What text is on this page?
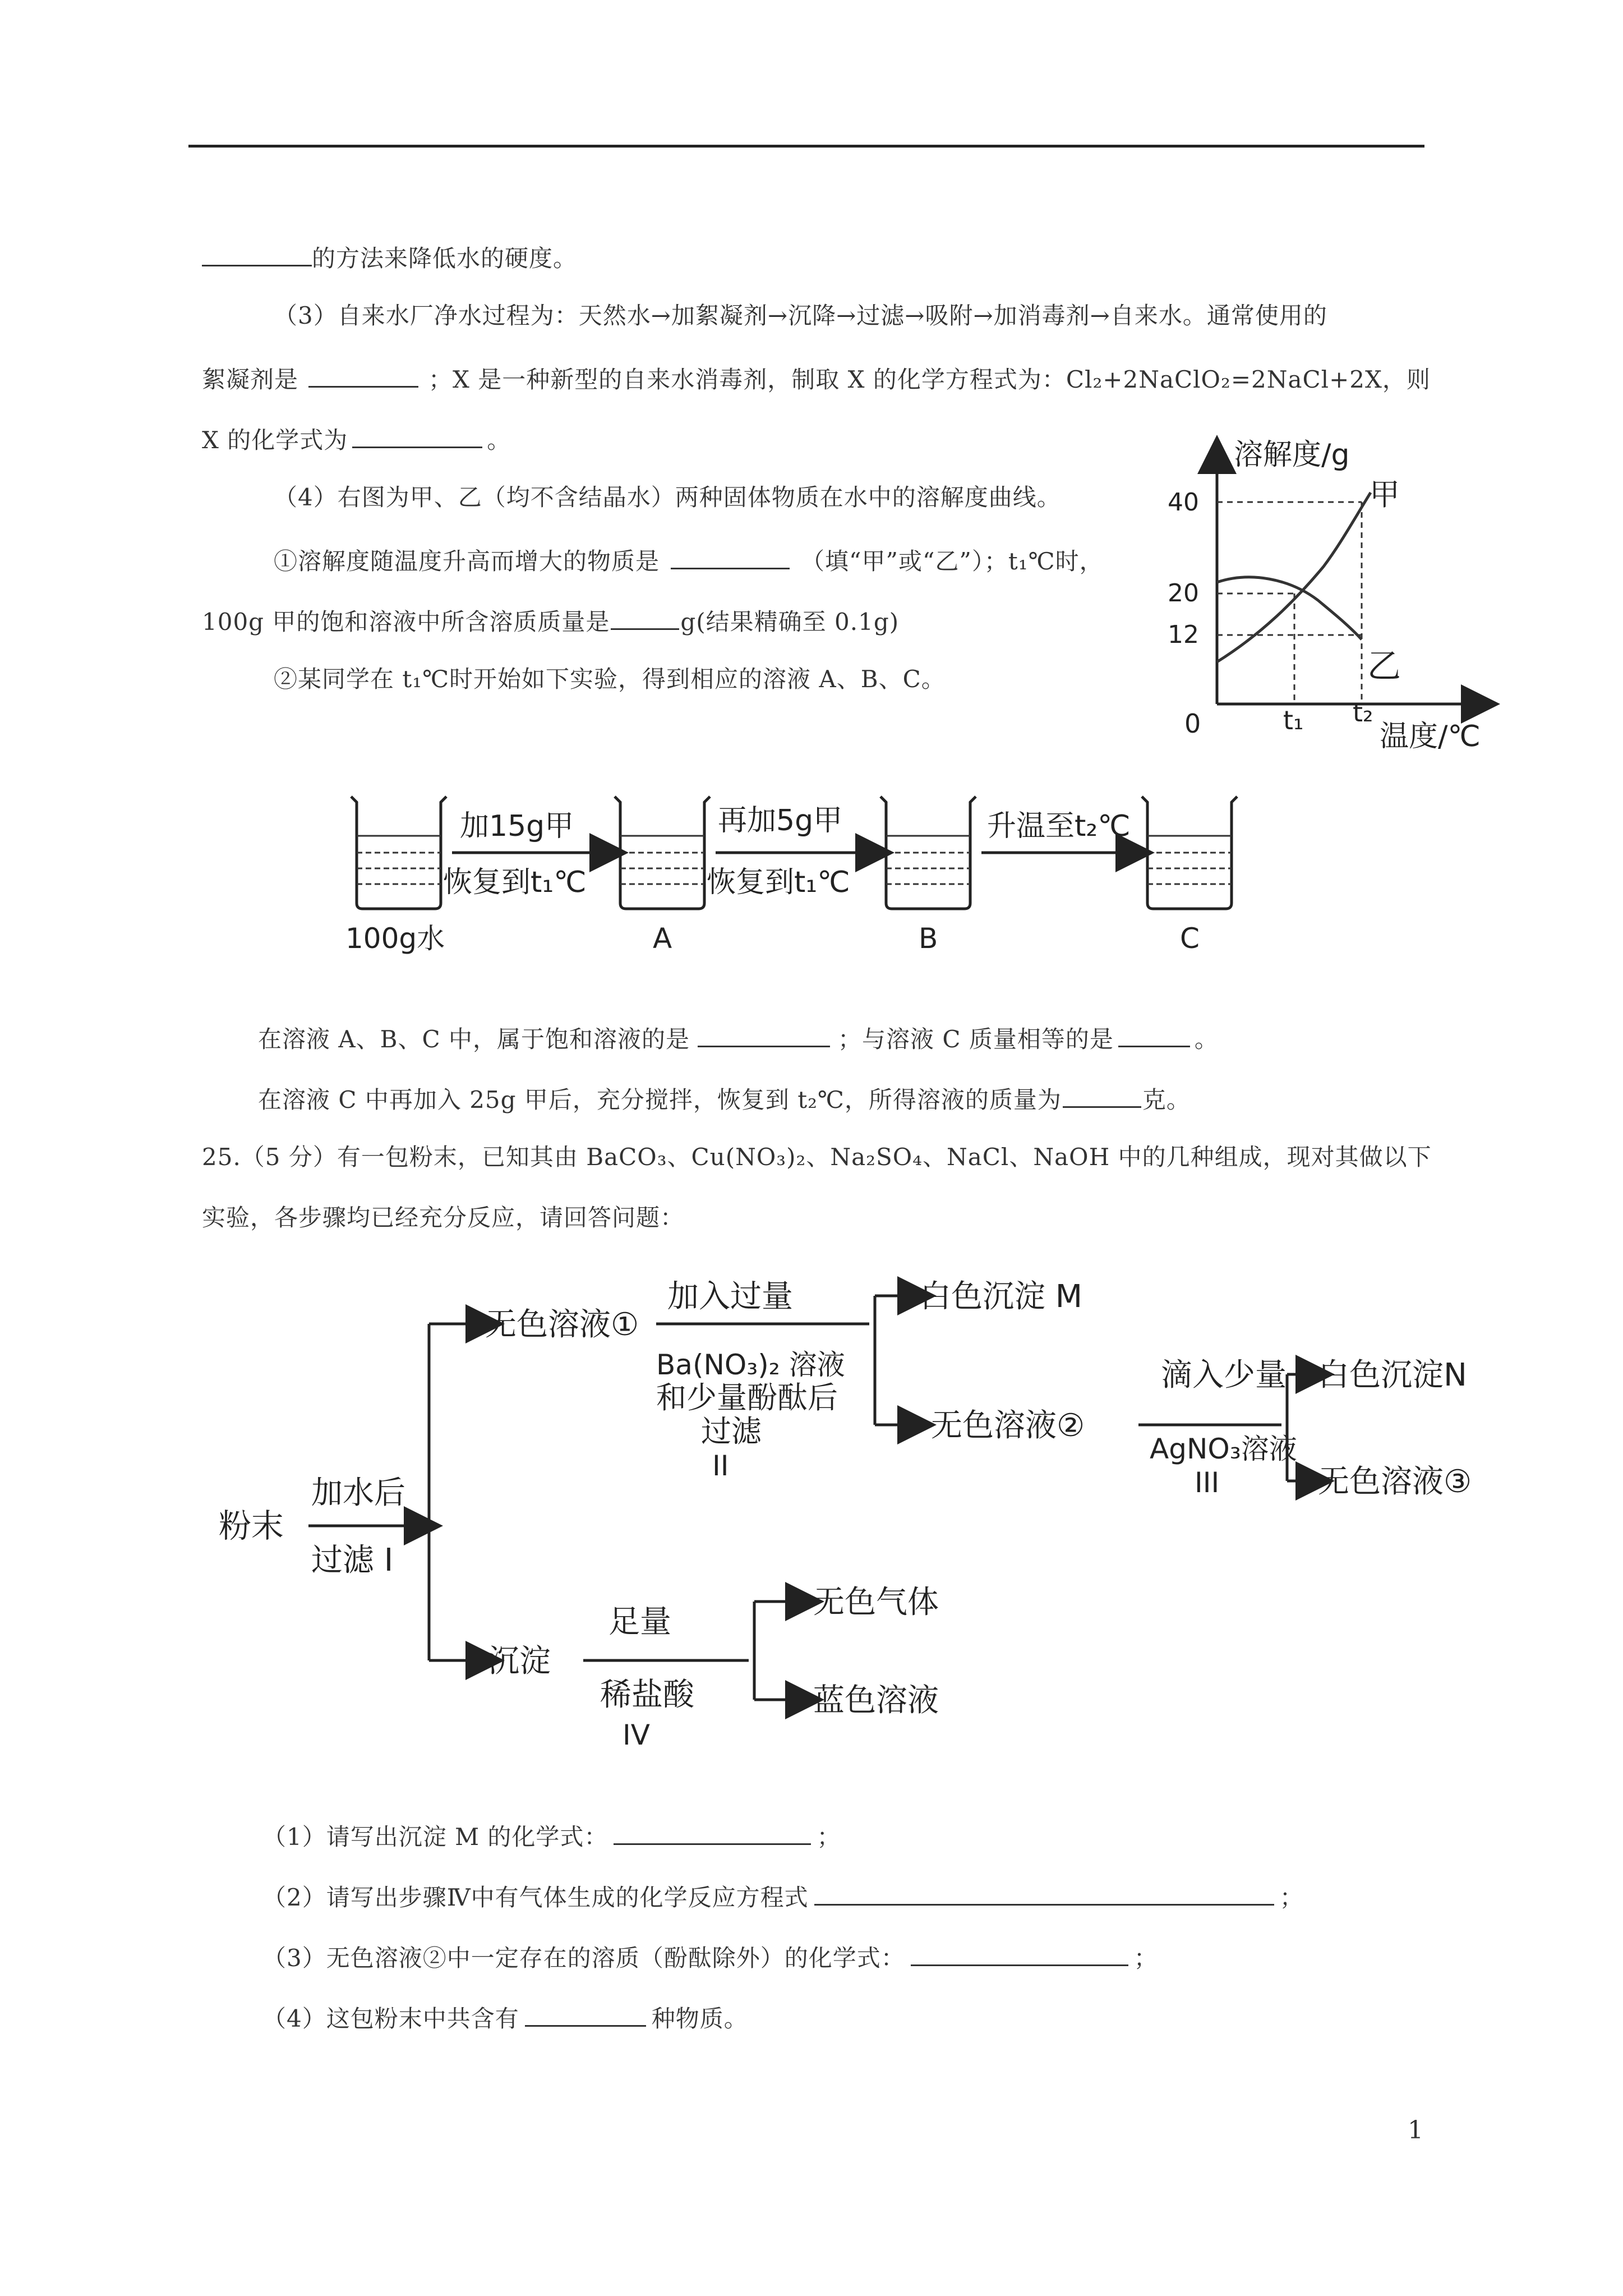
的方法来降低水的硬度。
（3）自来水厂净水过程为：天然水→加絮凝剂→沉降→过滤→吸附→加消毒剂→自来水。通常使用的
絮凝剂是	；X 是一种新型的自来水消毒剂，制取 X 的化学方程式为：Cl₂+2NaClO₂=2NaCl+2X，则
X 的化学式为	。
（4）右图为甲、乙（均不含结晶水）两种固体物质在水中的溶解度曲线。
①溶解度随温度升高而增大的物质是	（填“甲”或“乙”）；t₁℃时，
100g 甲的饱和溶液中所含溶质质量是	g(结果精确至 0.1g)
②某同学在 t₁℃时开始如下实验，得到相应的溶液 A、B、C。
溶解度/g
温度/℃
0
40
20
12
t₁ t₂
甲
乙
加15g甲
恢复到t₁℃
再加5g甲
恢复到t₁℃
升温至t₂℃
100g水	A	B	C
在溶液 A、B、C 中，属于饱和溶液的是	；与溶液 C 质量相等的是	。
在溶液 C 中再加入 25g 甲后，充分搅拌，恢复到 t₂℃，所得溶液的质量为	克。
25.（5 分）有一包粉末，已知其由 BaCO₃、Cu(NO₃)₂、Na₂SO₄、NaCl、NaOH 中的几种组成，现对其做以下
实验，各步骤均已经充分反应，请回答问题：
粉末
加水后
过滤 I
无色溶液①
加入过量
Ba(NO₃)₂ 溶液
和少量酚酞后
过滤
II
白色沉淀 M
无色溶液②
滴入少量
AgNO₃溶液
III
白色沉淀N
无色溶液③
沉淀
足量
稀盐酸
IV
无色气体
蓝色溶液
（1）请写出沉淀 M 的化学式：	；
（2）请写出步骤Ⅳ中有气体生成的化学反应方程式	；
（3）无色溶液②中一定存在的溶质（酚酞除外）的化学式：	；
（4）这包粉末中共含有	种物质。
1
